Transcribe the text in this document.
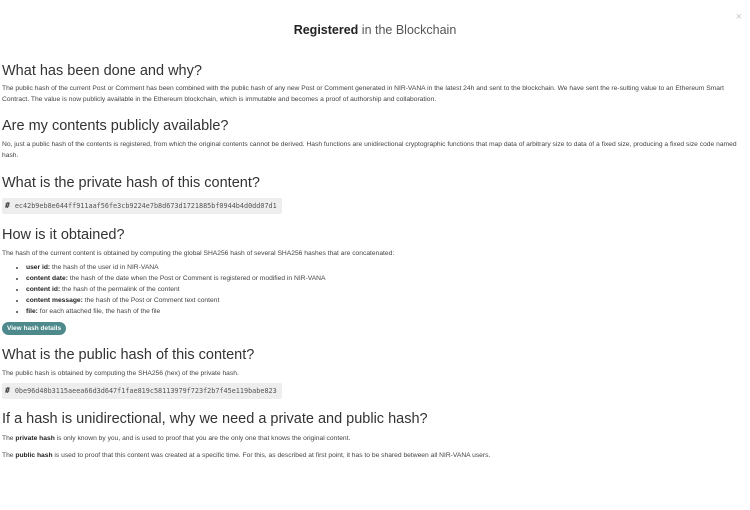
×
Registered in the Blockchain
What has been done and why?

The public hash of the current Post or Comment has been combined with the public hash of any new Post or Comment generated in NIR-VANA in the latest 24h and sent to the blockchain. We have sent the re-sulting value to an Ethereum Smart Contract. The value is now publicly available in the Ethereum blockchain, which is immutable and becomes a proof of authorship and collaboration.

Are my contents publicly available?

No, just a public hash of the contents is registered, from which the original contents cannot be derived. Hash functions are unidirectional cryptographic functions that map data of arbitrary size to data of a fixed size, producing a fixed size code named hash.

What is the private hash of this content?
# ec42b9eb8e644ff911aaf56fe3cb9224e7b8d673d1721885bf0944b4d0dd07d1
How is it obtained?

The hash of the current content is obtained by computing the global SHA256 hash of several SHA256 hashes that are concatenated:

• user id: the hash of the user id in NIR-VANA
• content date: the hash of the date when the Post or Comment is registered or modified in NIR-VANA
• content id: the hash of the permalink of the content
• content message: the hash of the Post or Comment text content
• file: for each attached file, the hash of the file
View hash details
What is the public hash of this content?

The public hash is obtained by computing the SHA256 (hex) of the private hash.

# 0be96d40b3115aeea66d3d647f1fae819c58113979f723f2b7f45e119babe823
If a hash is unidirectional, why we need a private and public hash?

The private hash is only known by you, and is used to proof that you are the only one that knows the original content.

The public hash is used to proof that this content was created at a specific time. For this, as described at first point, it has to be shared between all NIR-VANA users.
